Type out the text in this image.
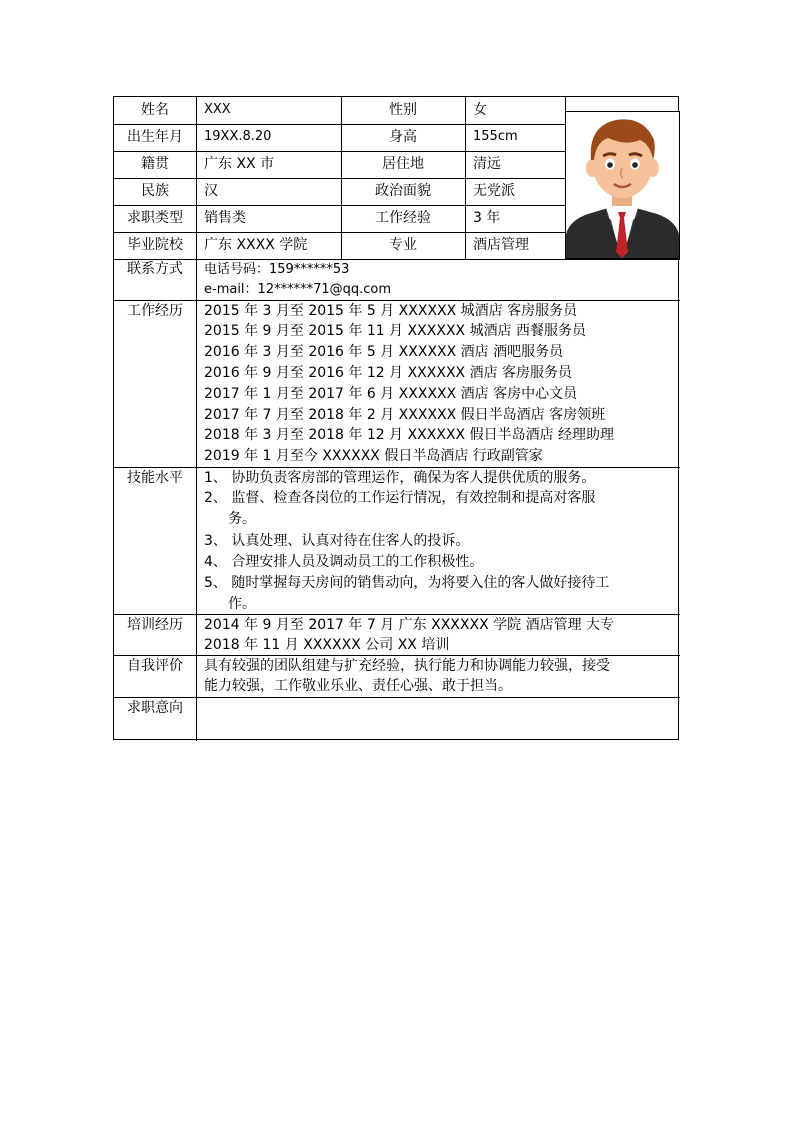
姓名	XXX	性别	女
出生年月	19XX.8.20	身高	155cm
籍贯	广东 XX 市	居住地	清远
民族	汉	政治面貌	无党派
求职类型	销售类	工作经验	3 年
毕业院校	广东 XXXX 学院	专业	酒店管理
联系方式	电话号码：159******53
e-mail：12******71@qq.com
工作经历	2015 年 3 月至 2015 年 5 月 XXXXXX 城酒店 客房服务员
2015 年 9 月至 2015 年 11 月 XXXXXX 城酒店 西餐服务员
2016 年 3 月至 2016 年 5 月 XXXXXX 酒店 酒吧服务员
2016 年 9 月至 2016 年 12 月 XXXXXX 酒店 客房服务员
2017 年 1 月至 2017 年 6 月 XXXXXX 酒店 客房中心文员
2017 年 7 月至 2018 年 2 月 XXXXXX 假日半岛酒店 客房领班
2018 年 3 月至 2018 年 12 月 XXXXXX 假日半岛酒店 经理助理
2019 年 1 月至今 XXXXXX 假日半岛酒店 行政副管家
技能水平	1、 协助负责客房部的管理运作，确保为客人提供优质的服务。
2、 监督、检查各岗位的工作运行情况，有效控制和提高对客服
务。
3、 认真处理、认真对待在住客人的投诉。
4、 合理安排人员及调动员工的工作积极性。
5、 随时掌握每天房间的销售动向，为将要入住的客人做好接待工
作。
培训经历	2014 年 9 月至 2017 年 7 月 广东 XXXXXX 学院 酒店管理 大专
2018 年 11 月 XXXXXX 公司 XX 培训
自我评价	具有较强的团队组建与扩充经验，执行能力和协调能力较强，接受
能力较强，工作敬业乐业、责任心强、敢于担当。
求职意向
